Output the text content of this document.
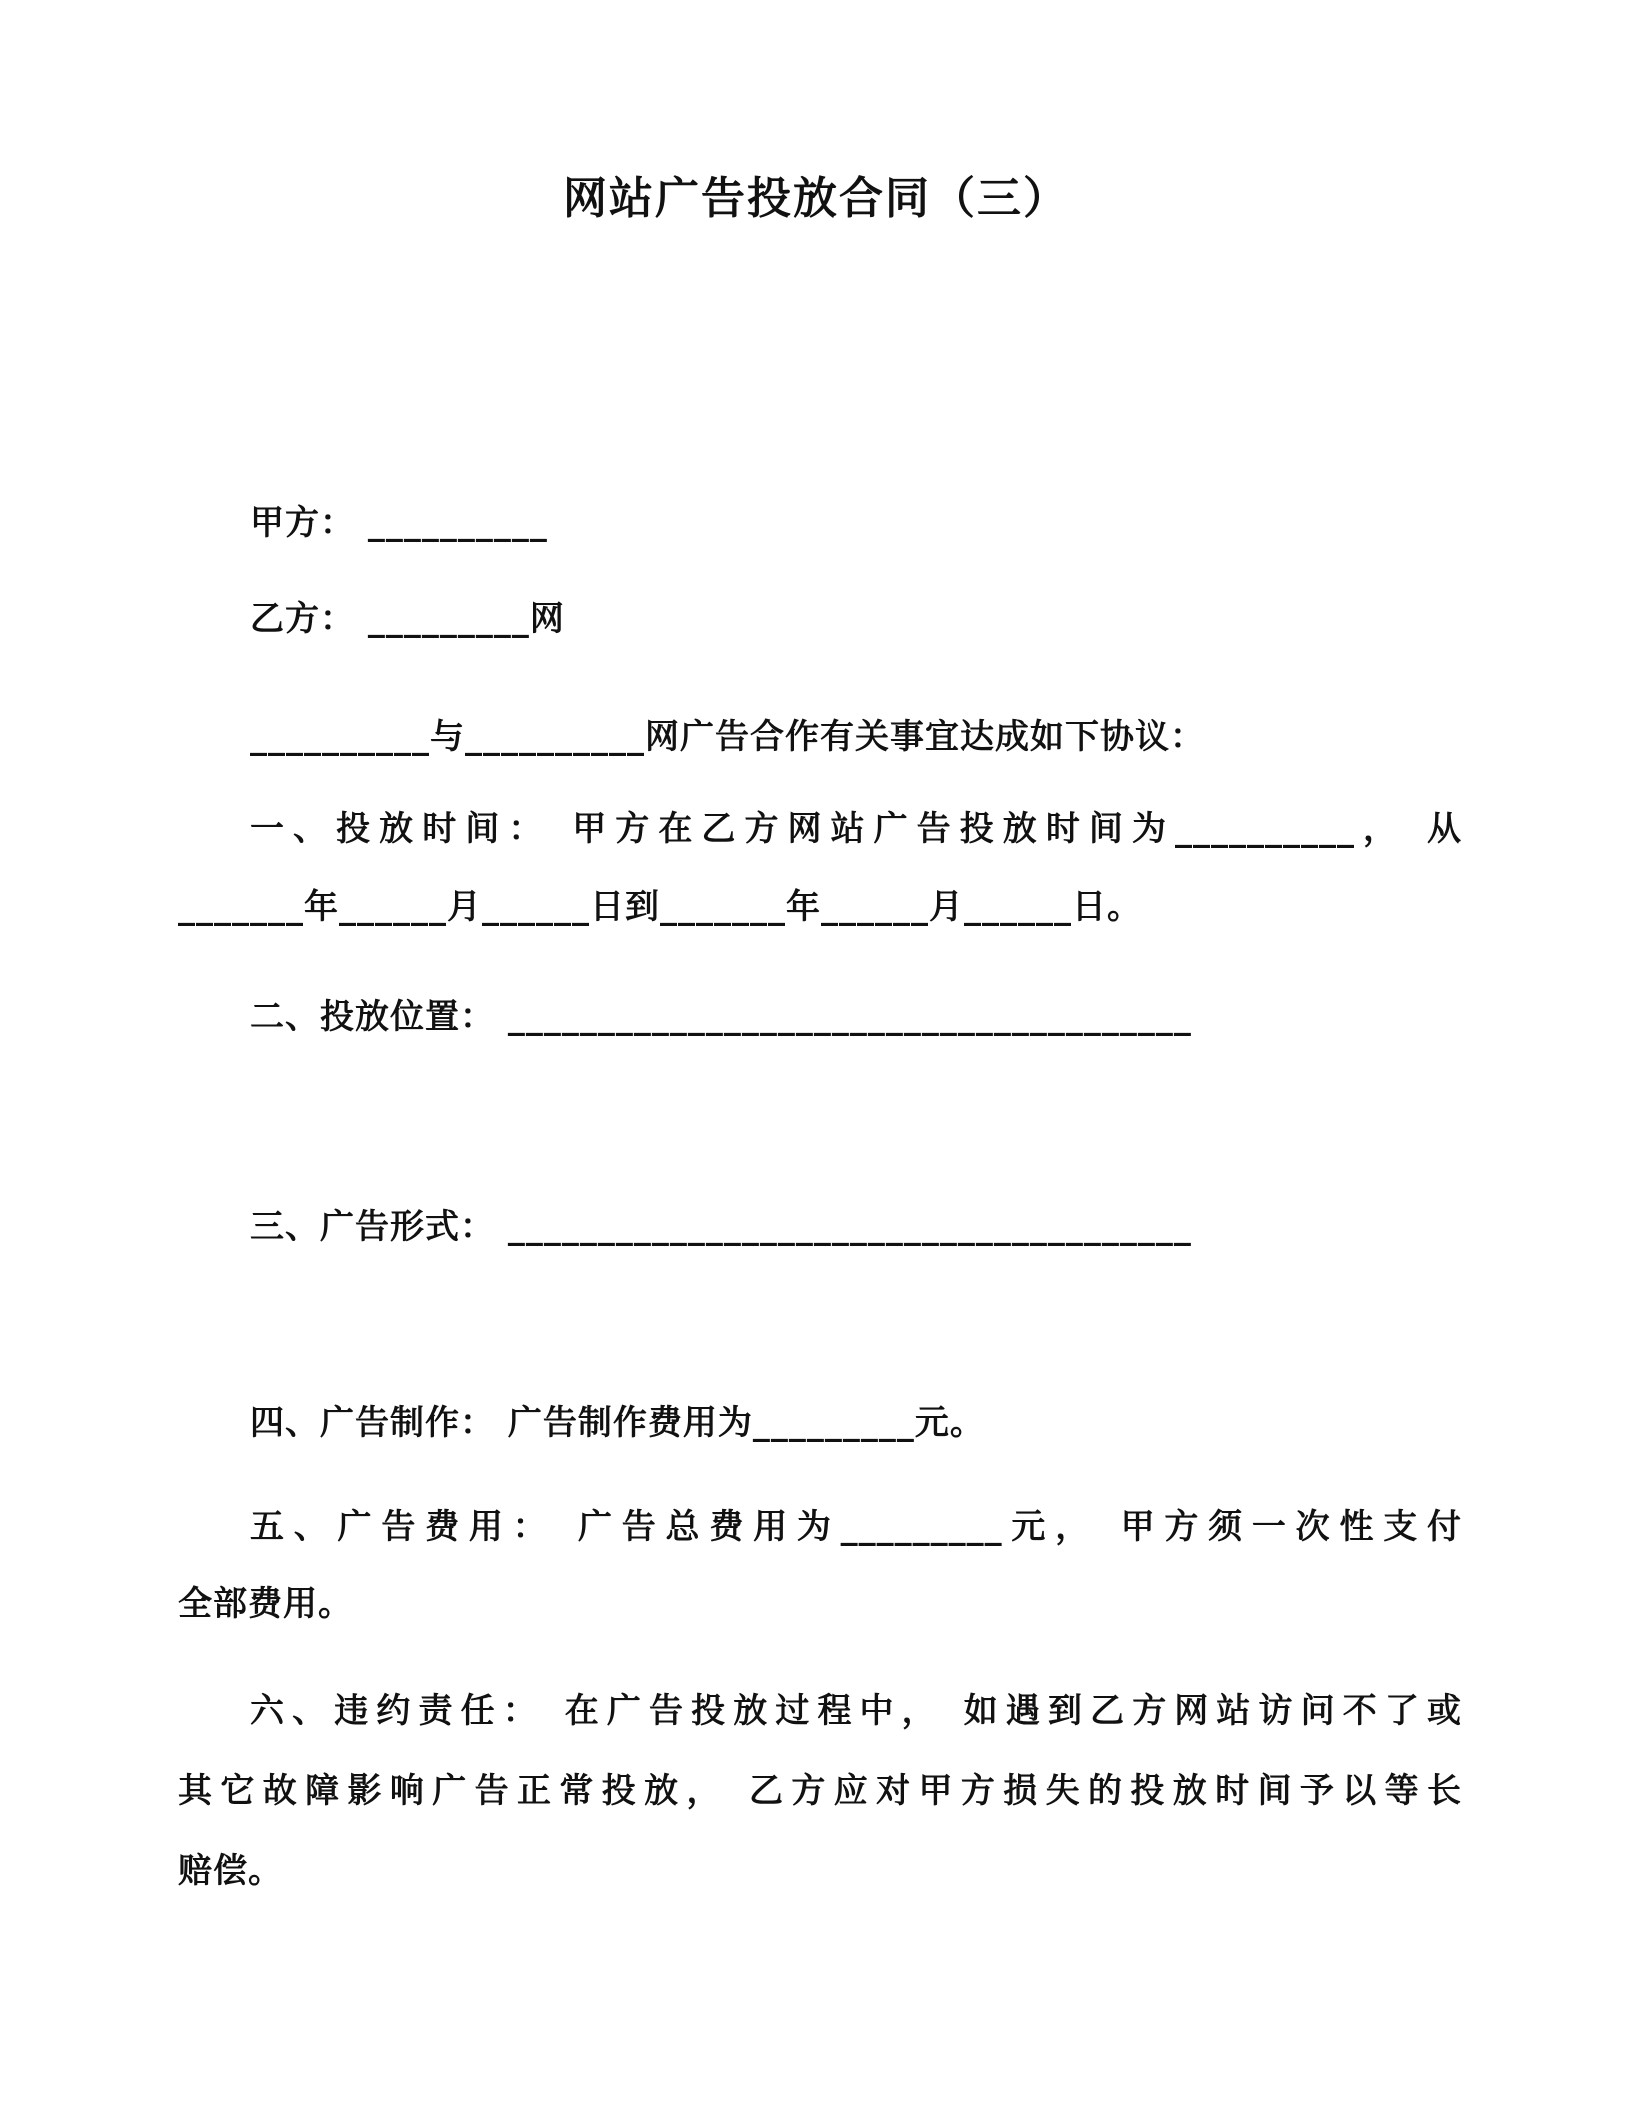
网站广告投放合同（三）
甲方： __________
乙方： _________网
__________与__________网广告合作有关事宜达成如下协议：
一、投放时间： 甲方在乙方网站广告投放时间为__________， 从
_______年______月______日到_______年______月______日。
二、投放位置： ______________________________________
三、广告形式： ______________________________________
四、广告制作： 广告制作费用为_________元。
五、广告费用： 广告总费用为_________元， 甲方须一次性支付
全部费用。
六、违约责任： 在广告投放过程中， 如遇到乙方网站访问不了或
其它故障影响广告正常投放， 乙方应对甲方损失的投放时间予以等长
赔偿。
